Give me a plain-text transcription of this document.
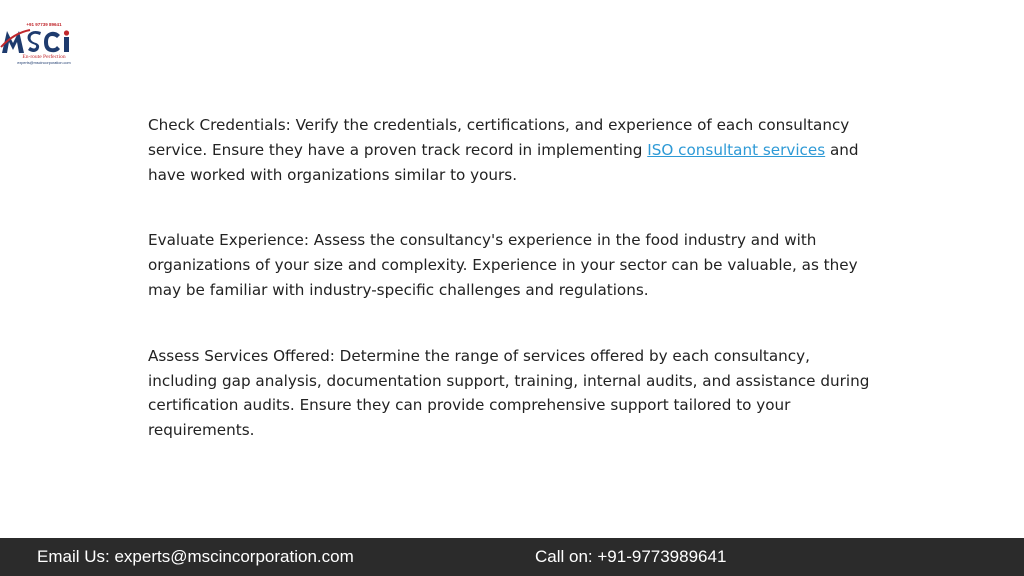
+91 97739 89641
En-route Perfection
experts@mscincorporation.com

Check Credentials: Verify the credentials, certifications, and experience of each consultancy service. Ensure they have a proven track record in implementing ISO consultant services and have worked with organizations similar to yours.

Evaluate Experience: Assess the consultancy's experience in the food industry and with organizations of your size and complexity. Experience in your sector can be valuable, as they may be familiar with industry-specific challenges and regulations.

Assess Services Offered: Determine the range of services offered by each consultancy, including gap analysis, documentation support, training, internal audits, and assistance during certification audits. Ensure they can provide comprehensive support tailored to your requirements.

Email Us: experts@mscincorporation.com	Call on: +91-9773989641
